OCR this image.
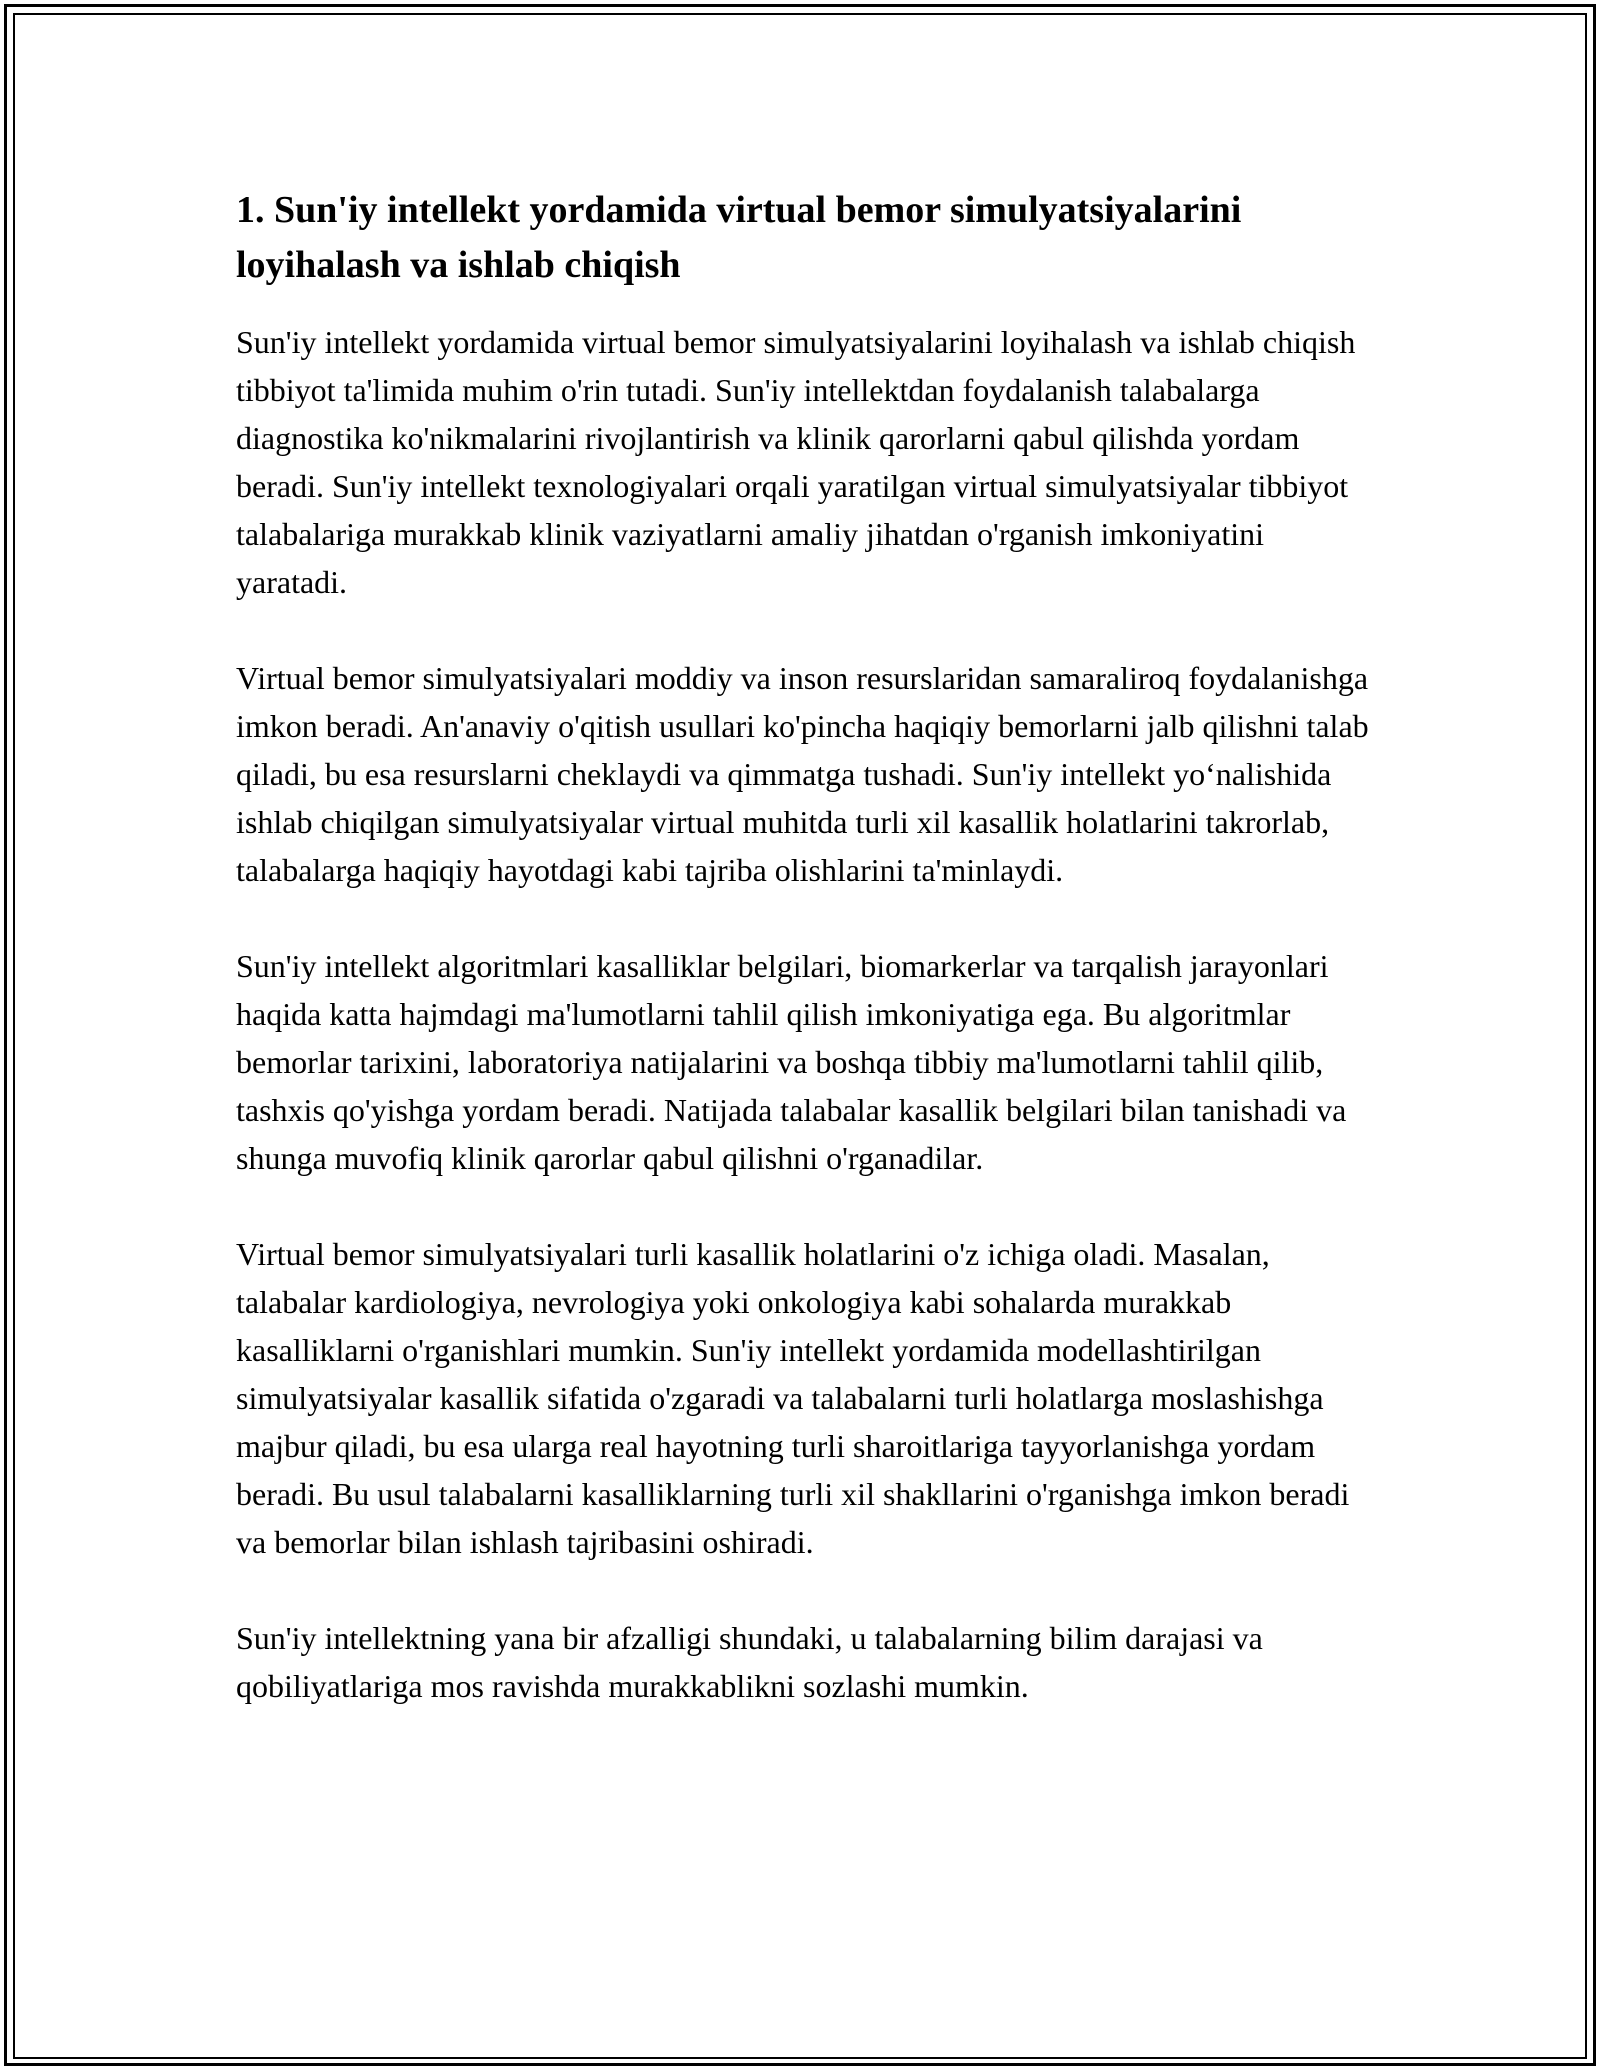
1. Sun'iy intellekt yordamida virtual bemor simulyatsiyalarini loyihalash va ishlab chiqish

Sun'iy intellekt yordamida virtual bemor simulyatsiyalarini loyihalash va ishlab chiqish tibbiyot ta'limida muhim o'rin tutadi. Sun'iy intellektdan foydalanish talabalarga diagnostika ko'nikmalarini rivojlantirish va klinik qarorlarni qabul qilishda yordam beradi. Sun'iy intellekt texnologiyalari orqali yaratilgan virtual simulyatsiyalar tibbiyot talabalariga murakkab klinik vaziyatlarni amaliy jihatdan o'rganish imkoniyatini yaratadi.

Virtual bemor simulyatsiyalari moddiy va inson resurslaridan samaraliroq foydalanishga imkon beradi. An'anaviy o'qitish usullari ko'pincha haqiqiy bemorlarni jalb qilishni talab qiladi, bu esa resurslarni cheklaydi va qimmatga tushadi. Sun'iy intellekt yo‘nalishida ishlab chiqilgan simulyatsiyalar virtual muhitda turli xil kasallik holatlarini takrorlab, talabalarga haqiqiy hayotdagi kabi tajriba olishlarini ta'minlaydi.

Sun'iy intellekt algoritmlari kasalliklar belgilari, biomarkerlar va tarqalish jarayonlari haqida katta hajmdagi ma'lumotlarni tahlil qilish imkoniyatiga ega. Bu algoritmlar bemorlar tarixini, laboratoriya natijalarini va boshqa tibbiy ma'lumotlarni tahlil qilib, tashxis qo'yishga yordam beradi. Natijada talabalar kasallik belgilari bilan tanishadi va shunga muvofiq klinik qarorlar qabul qilishni o'rganadilar.

Virtual bemor simulyatsiyalari turli kasallik holatlarini o'z ichiga oladi. Masalan, talabalar kardiologiya, nevrologiya yoki onkologiya kabi sohalarda murakkab kasalliklarni o'rganishlari mumkin. Sun'iy intellekt yordamida modellashtirilgan simulyatsiyalar kasallik sifatida o'zgaradi va talabalarni turli holatlarga moslashishga majbur qiladi, bu esa ularga real hayotning turli sharoitlariga tayyorlanishga yordam beradi. Bu usul talabalarni kasalliklarning turli xil shakllarini o'rganishga imkon beradi va bemorlar bilan ishlash tajribasini oshiradi.

Sun'iy intellektning yana bir afzalligi shundaki, u talabalarning bilim darajasi va qobiliyatlariga mos ravishda murakkablikni sozlashi mumkin.
